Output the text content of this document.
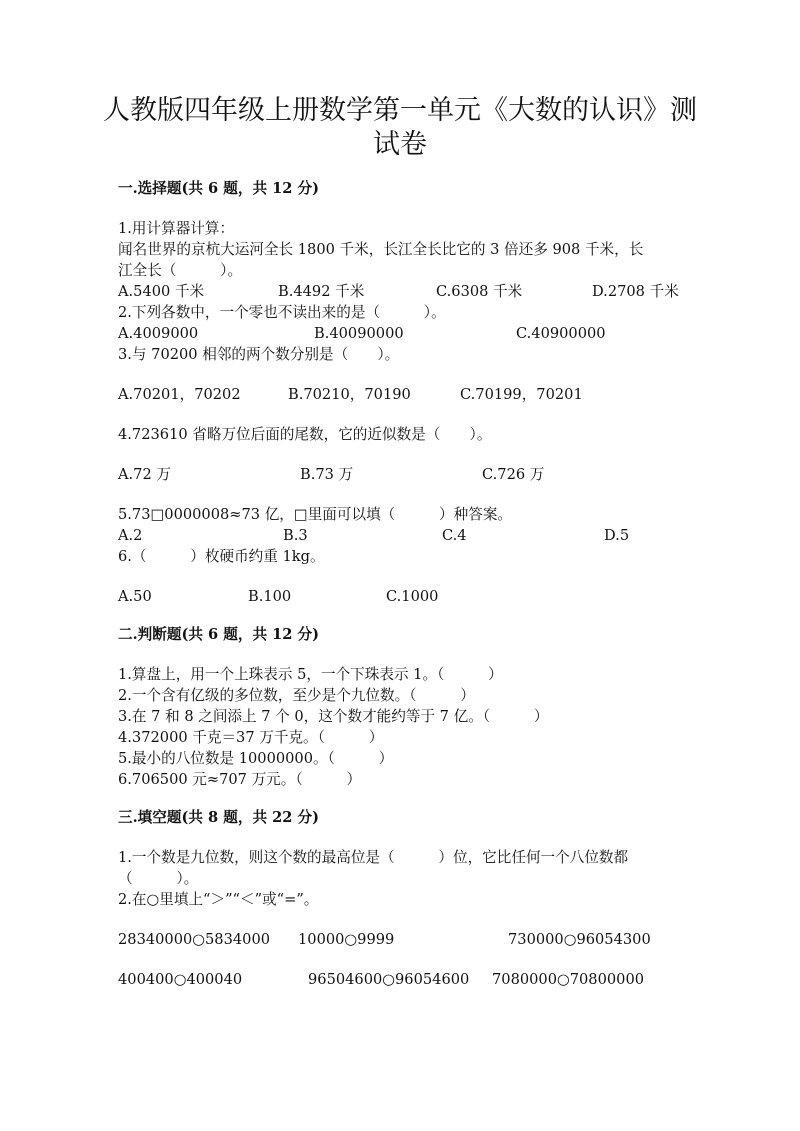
人教版四年级上册数学第一单元《大数的认识》测
试卷
一.选择题(共 6 题，共 12 分)
1.用计算器计算：
闻名世界的京杭大运河全长 1800 千米，长江全长比它的 3 倍还多 908 千米，长
江全长（　　　）。
A.5400 千米	B.4492 千米	C.6308 千米	D.2708 千米
2.下列各数中，一个零也不读出来的是（　　　）。
A.4009000	B.40090000	C.40900000
3.与 70200 相邻的两个数分别是（　　）。
A.70201，70202	B.70210，70190	C.70199，70201
4.723610 省略万位后面的尾数，它的近似数是（　　）。
A.72 万	B.73 万	C.726 万
5.73□0000008≈73 亿，□里面可以填（　　　）种答案。
A.2	B.3	C.4	D.5
6.（　　　）枚硬币约重 1kg。
A.50	B.100	C.1000
二.判断题(共 6 题，共 12 分)
1.算盘上，用一个上珠表示 5，一个下珠表示 1。（　　　）
2.一个含有亿级的多位数，至少是个九位数。（　　　）
3.在 7 和 8 之间添上 7 个 0，这个数才能约等于 7 亿。（　　　）
4.372000 千克＝37 万千克。（　　　）
5.最小的八位数是 10000000。（　　　）
6.706500 元≈707 万元。（　　　）
三.填空题(共 8 题，共 22 分)
1.一个数是九位数，则这个数的最高位是（　　　）位，它比任何一个八位数都
（　　　）。
2.在○里填上“＞”“＜”或“=”。
28340000○5834000 10000○9999	730000○96054300
400400○400040	96504600○96054600 7080000○70800000
